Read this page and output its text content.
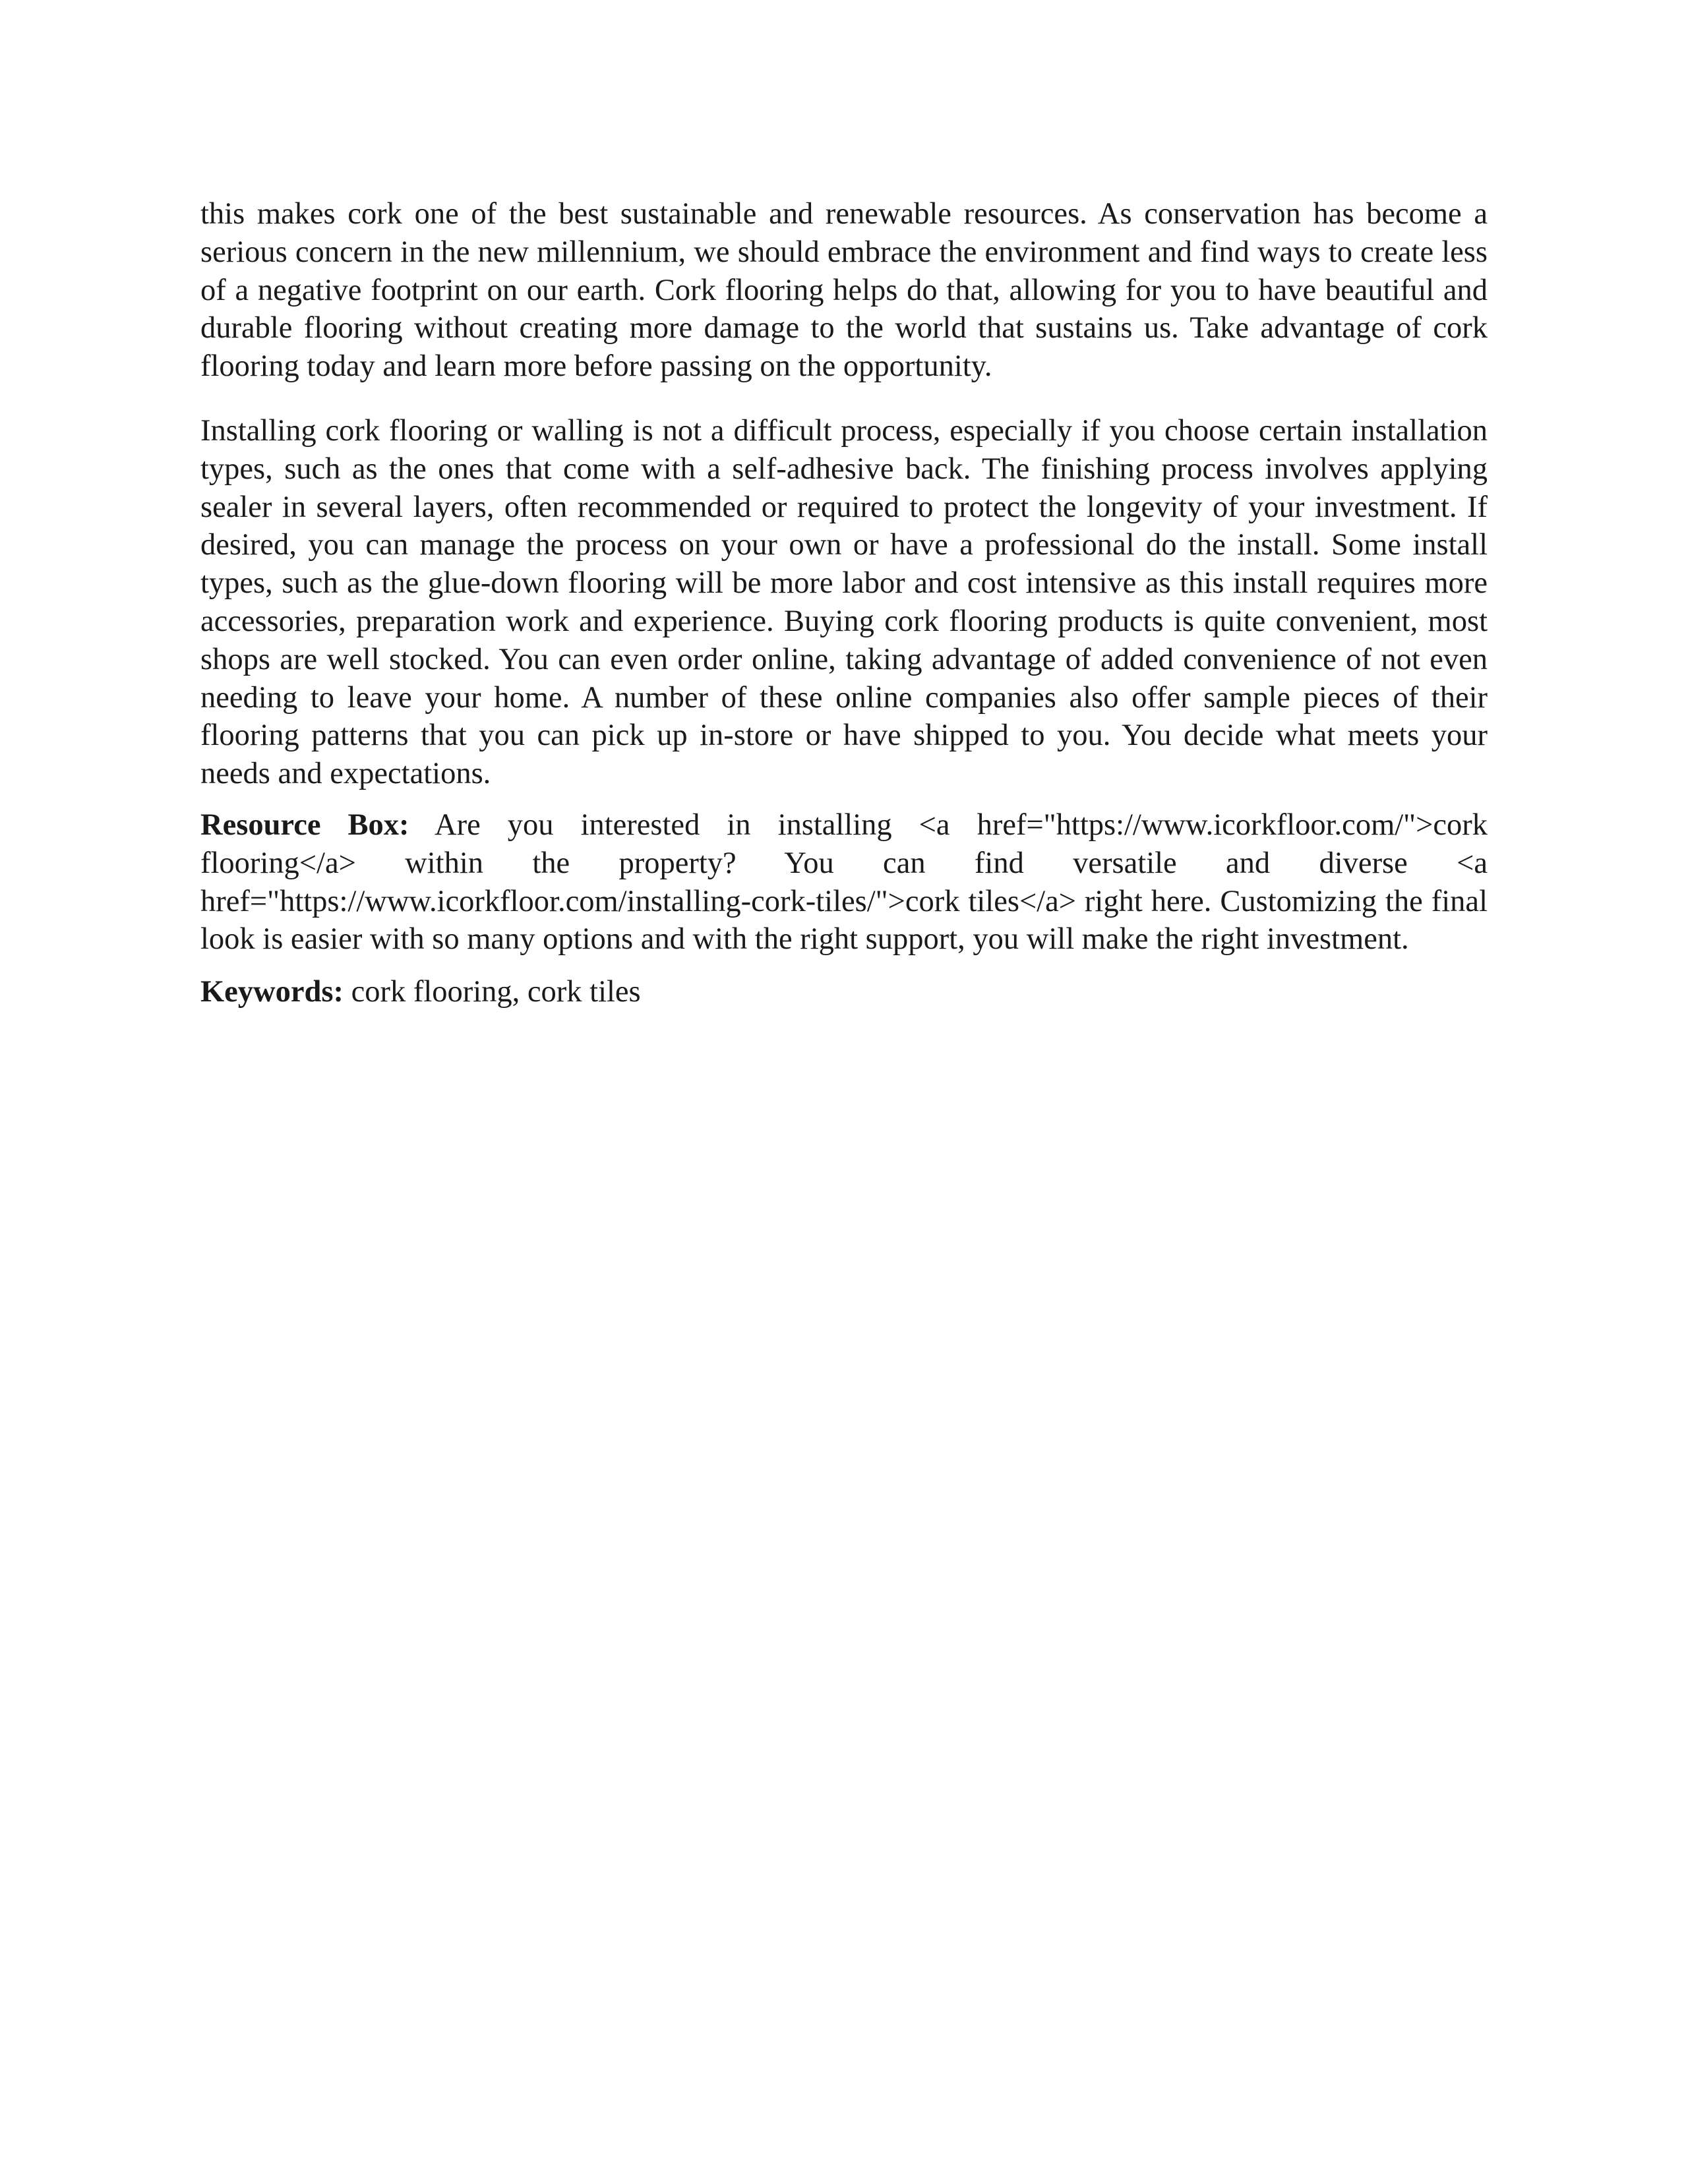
this makes cork one of the best sustainable and renewable resources. As conservation has become a serious concern in the new millennium, we should embrace the environment and find ways to create less of a negative footprint on our earth. Cork flooring helps do that, allowing for you to have beautiful and durable flooring without creating more damage to the world that sustains us. Take advantage of cork flooring today and learn more before passing on the opportunity.

Installing cork flooring or walling is not a difficult process, especially if you choose certain installation types, such as the ones that come with a self-adhesive back. The finishing process involves applying sealer in several layers, often recommended or required to protect the longevity of your investment. If desired, you can manage the process on your own or have a professional do the install. Some install types, such as the glue-down flooring will be more labor and cost intensive as this install requires more accessories, preparation work and experience. Buying cork flooring products is quite convenient, most shops are well stocked. You can even order online, taking advantage of added convenience of not even needing to leave your home. A number of these online companies also offer sample pieces of their flooring patterns that you can pick up in-store or have shipped to you. You decide what meets your needs and expectations.

Resource Box: Are you interested in installing <a href="https://www.icorkfloor.com/">cork flooring</a> within the property? You can find versatile and diverse <a href="https://www.icorkfloor.com/installing-cork-tiles/">cork tiles</a> right here. Customizing the final look is easier with so many options and with the right support, you will make the right investment.

Keywords: cork flooring, cork tiles
